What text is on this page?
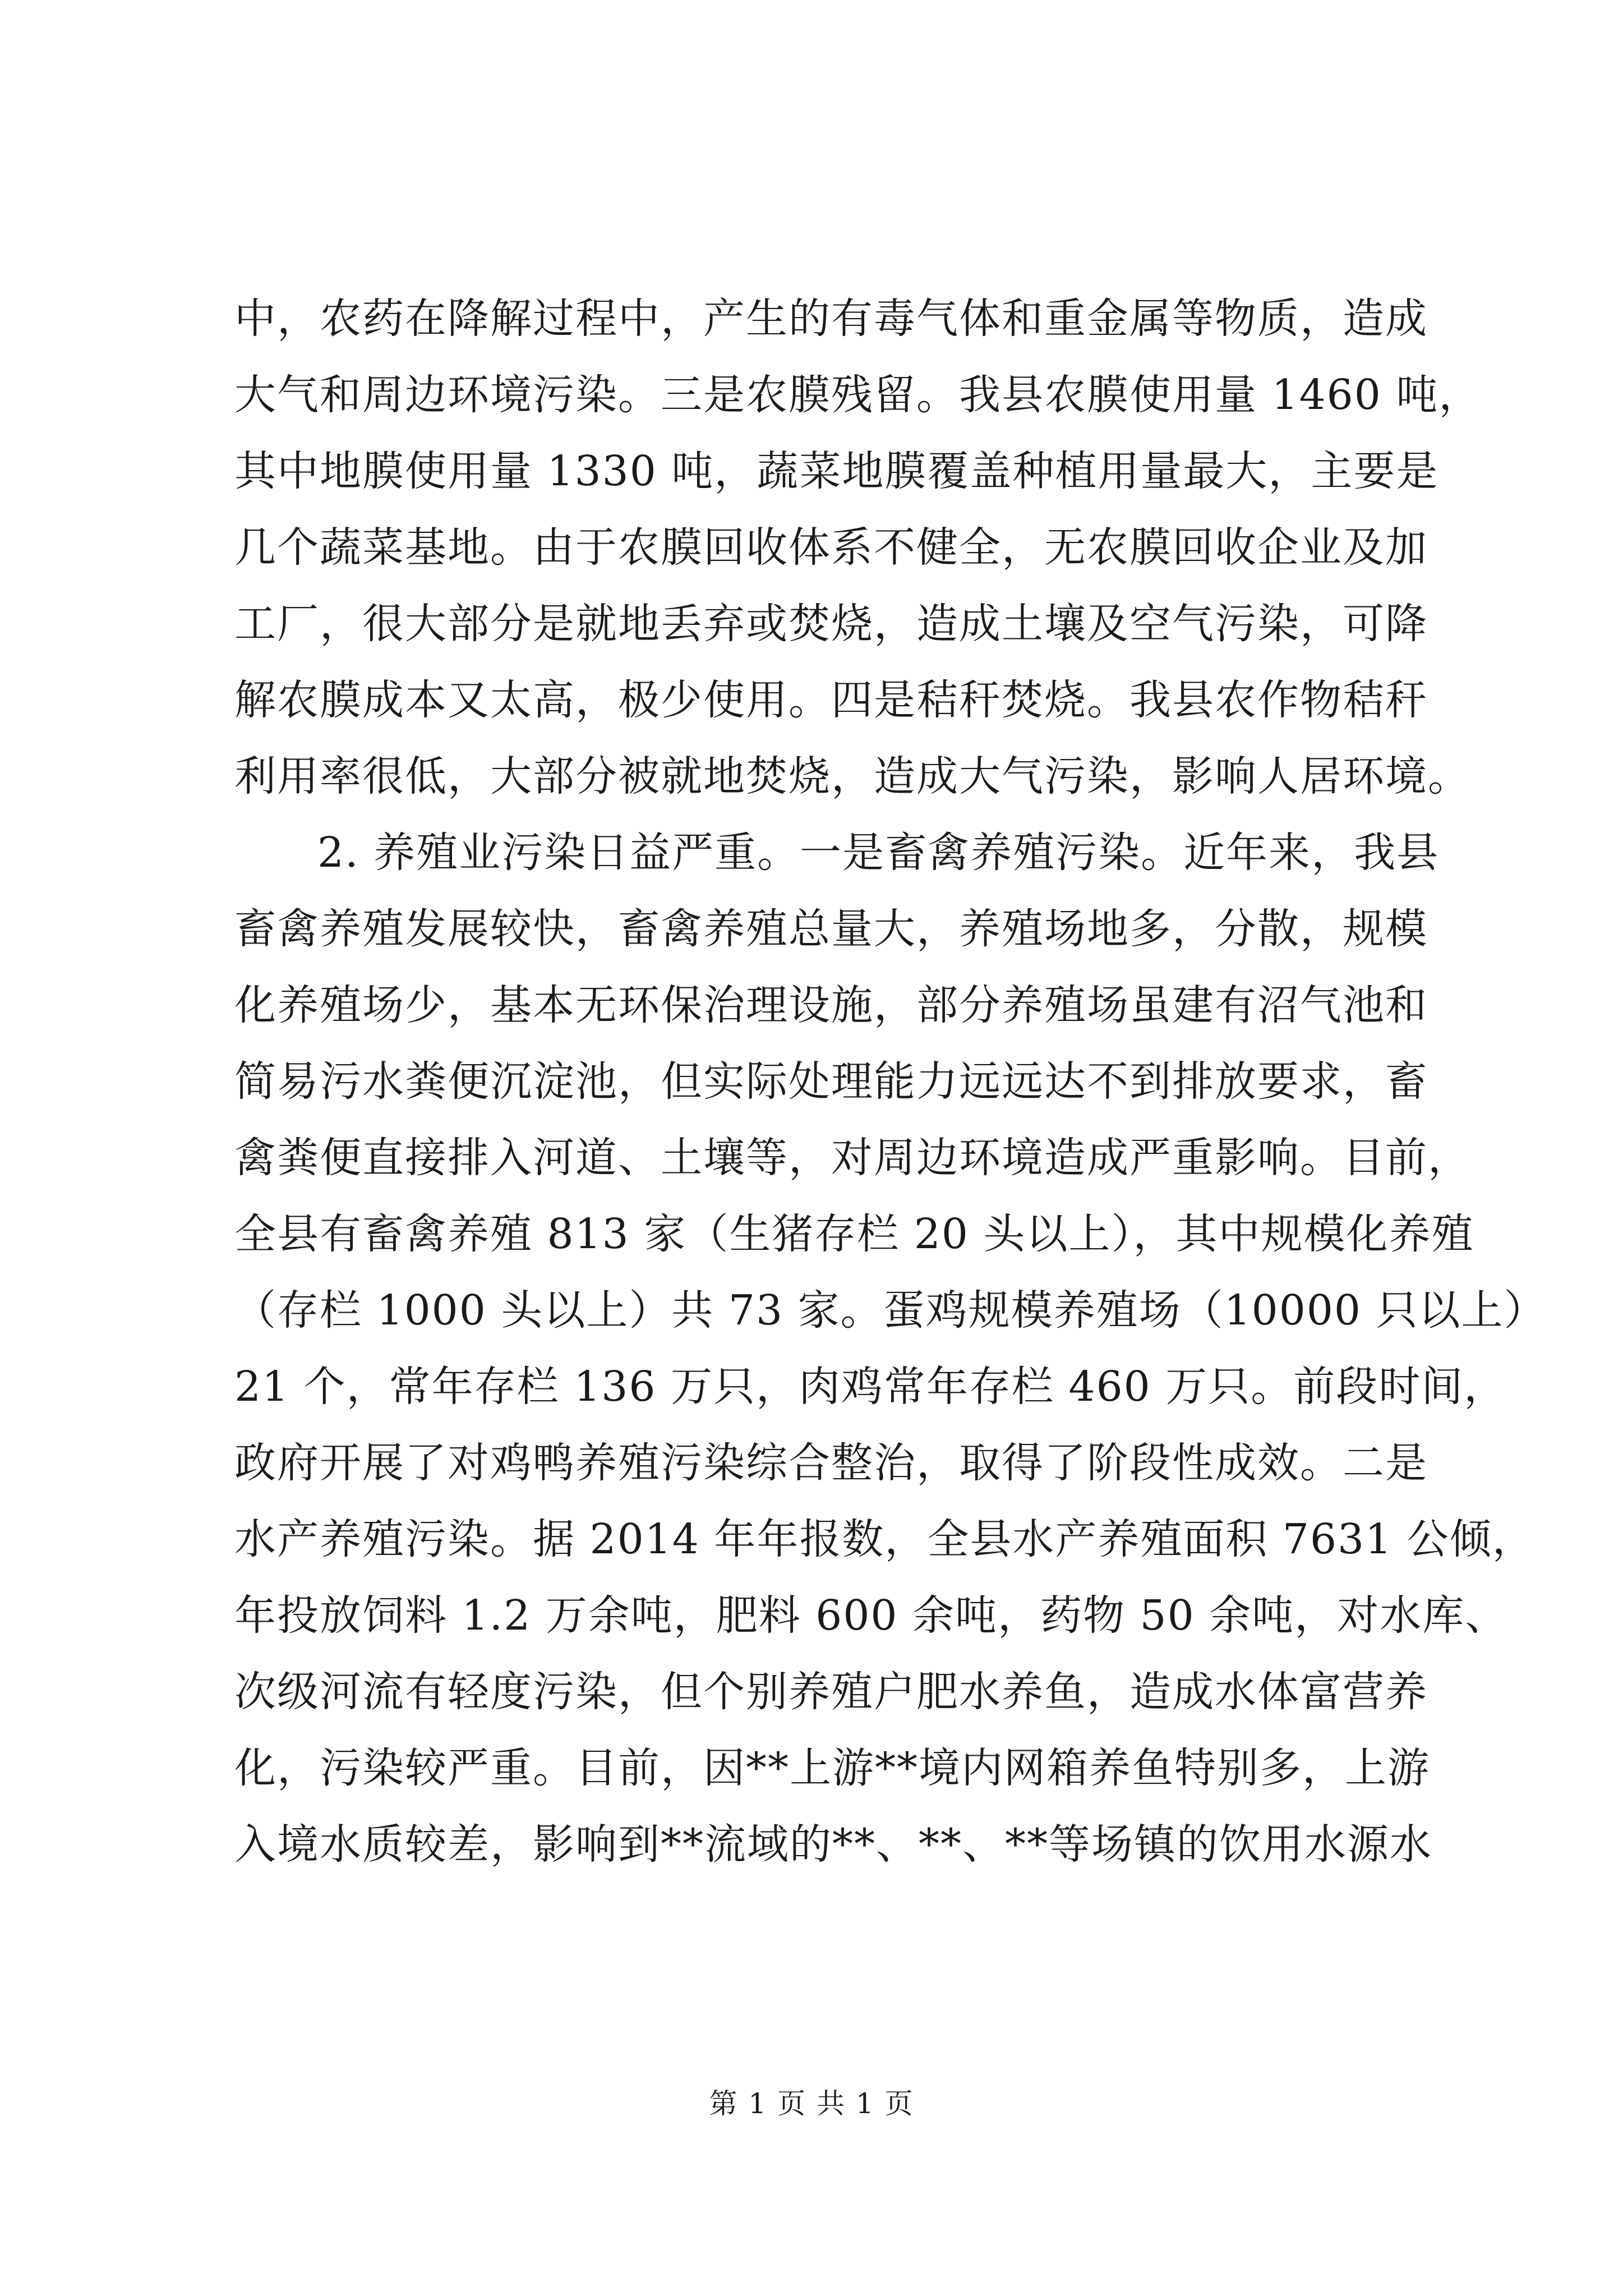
中，农药在降解过程中，产生的有毒气体和重金属等物质，造成
大气和周边环境污染。三是农膜残留。我县农膜使用量 1460 吨，
其中地膜使用量 1330 吨，蔬菜地膜覆盖种植用量最大，主要是
几个蔬菜基地。由于农膜回收体系不健全，无农膜回收企业及加
工厂，很大部分是就地丢弃或焚烧，造成土壤及空气污染，可降
解农膜成本又太高，极少使用。四是秸秆焚烧。我县农作物秸秆
利用率很低，大部分被就地焚烧，造成大气污染，影响人居环境。
2. 养殖业污染日益严重。一是畜禽养殖污染。近年来，我县
畜禽养殖发展较快，畜禽养殖总量大，养殖场地多，分散，规模
化养殖场少，基本无环保治理设施，部分养殖场虽建有沼气池和
简易污水粪便沉淀池，但实际处理能力远远达不到排放要求，畜
禽粪便直接排入河道、土壤等，对周边环境造成严重影响。目前，
全县有畜禽养殖 813 家（生猪存栏 20 头以上），其中规模化养殖
（存栏 1000 头以上）共 73 家。蛋鸡规模养殖场（10000 只以上）
21 个，常年存栏 136 万只，肉鸡常年存栏 460 万只。前段时间，
政府开展了对鸡鸭养殖污染综合整治，取得了阶段性成效。二是
水产养殖污染。据 2014 年年报数，全县水产养殖面积 7631 公倾，
年投放饲料 1.2 万余吨，肥料 600 余吨，药物 50 余吨，对水库、
次级河流有轻度污染，但个别养殖户肥水养鱼，造成水体富营养
化，污染较严重。目前，因**上游**境内网箱养鱼特别多，上游
入境水质较差，影响到**流域的**、**、**等场镇的饮用水源水
第 1 页 共 1 页
